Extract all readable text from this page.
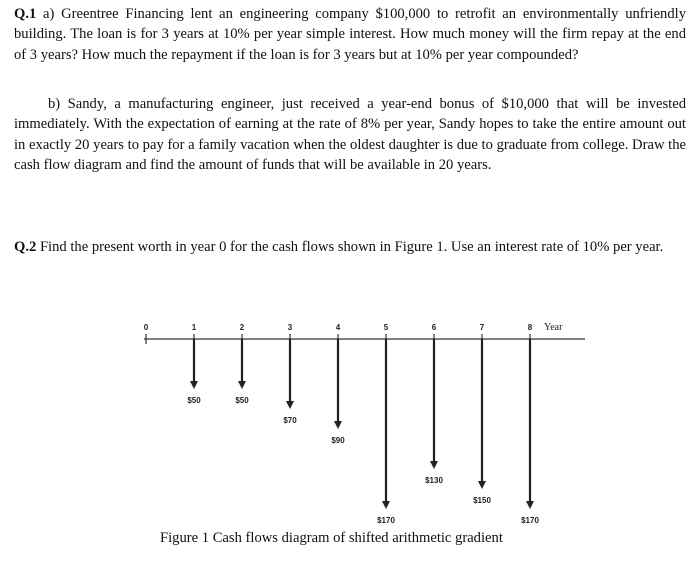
Q.1 a) Greentree Financing lent an engineering company $100,000 to retrofit an environmentally unfriendly building. The loan is for 3 years at 10% per year simple interest. How much money will the firm repay at the end of 3 years? How much the repayment if the loan is for 3 years but at 10% per year compounded?
b) Sandy, a manufacturing engineer, just received a year-end bonus of $10,000 that will be invested immediately. With the expectation of earning at the rate of 8% per year, Sandy hopes to take the entire amount out in exactly 20 years to pay for a family vacation when the oldest daughter is due to graduate from college. Draw the cash flow diagram and find the amount of funds that will be available in 20 years.
Q.2 Find the present worth in year 0 for the cash flows shown in Figure 1. Use an interest rate of 10% per year.
0	1	2	3	4	5	6	7	8 Year
$50	$50
$70
$90
$170
$130
$150
$170
Figure 1 Cash flows diagram of shifted arithmetic gradient
